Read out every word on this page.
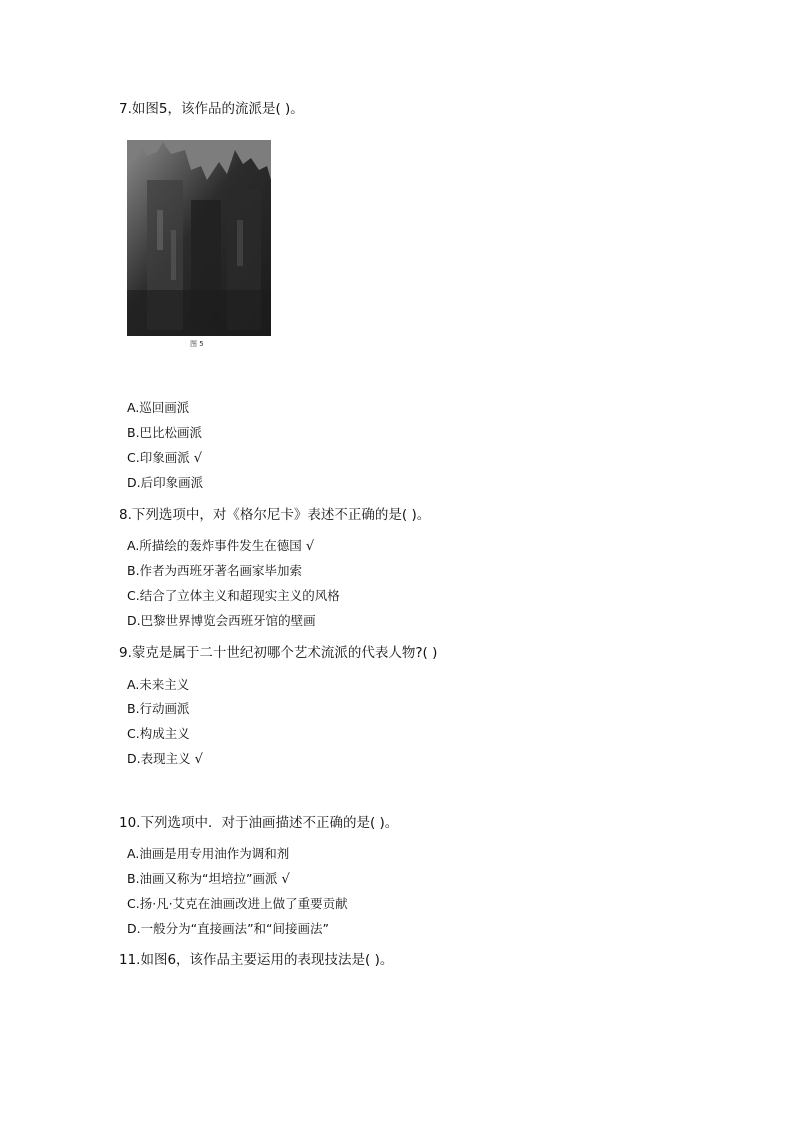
7.如图5，该作品的流派是( )。
图 5
A.巡回画派
B.巴比松画派
C.印象画派 √
D.后印象画派
8.下列选项中，对《格尔尼卡》表述不正确的是( )。
A.所描绘的轰炸事件发生在德国 √
B.作者为西班牙著名画家毕加索
C.结合了立体主义和超现实主义的风格
D.巴黎世界博览会西班牙馆的壁画
9.蒙克是属于二十世纪初哪个艺术流派的代表人物?( )
A.未来主义
B.行动画派
C.构成主义
D.表现主义 √
10.下列选项中．对于油画描述不正确的是( )。
A.油画是用专用油作为调和剂
B.油画又称为“坦培拉”画派 √
C.扬·凡·艾克在油画改进上做了重要贡献
D.一般分为“直接画法”和“间接画法”
11.如图6，该作品主要运用的表现技法是( )。
